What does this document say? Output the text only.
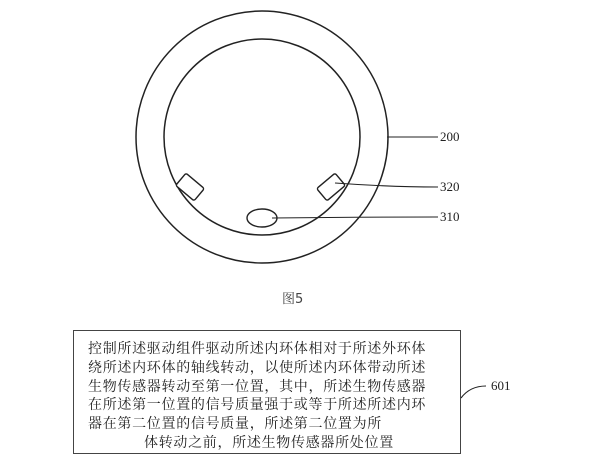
200
320
310
601
图5
控制所述驱动组件驱动所述内环体相对于所述外环体
绕所述内环体的轴线转动，以使所述内环体带动所述
生物传感器转动至第一位置，其中，所述生物传感器
在所述第一位置的信号质量强于或等于所述所述内环
器在第二位置的信号质量，所述第二位置为所
体转动之前，所述生物传感器所处位置
